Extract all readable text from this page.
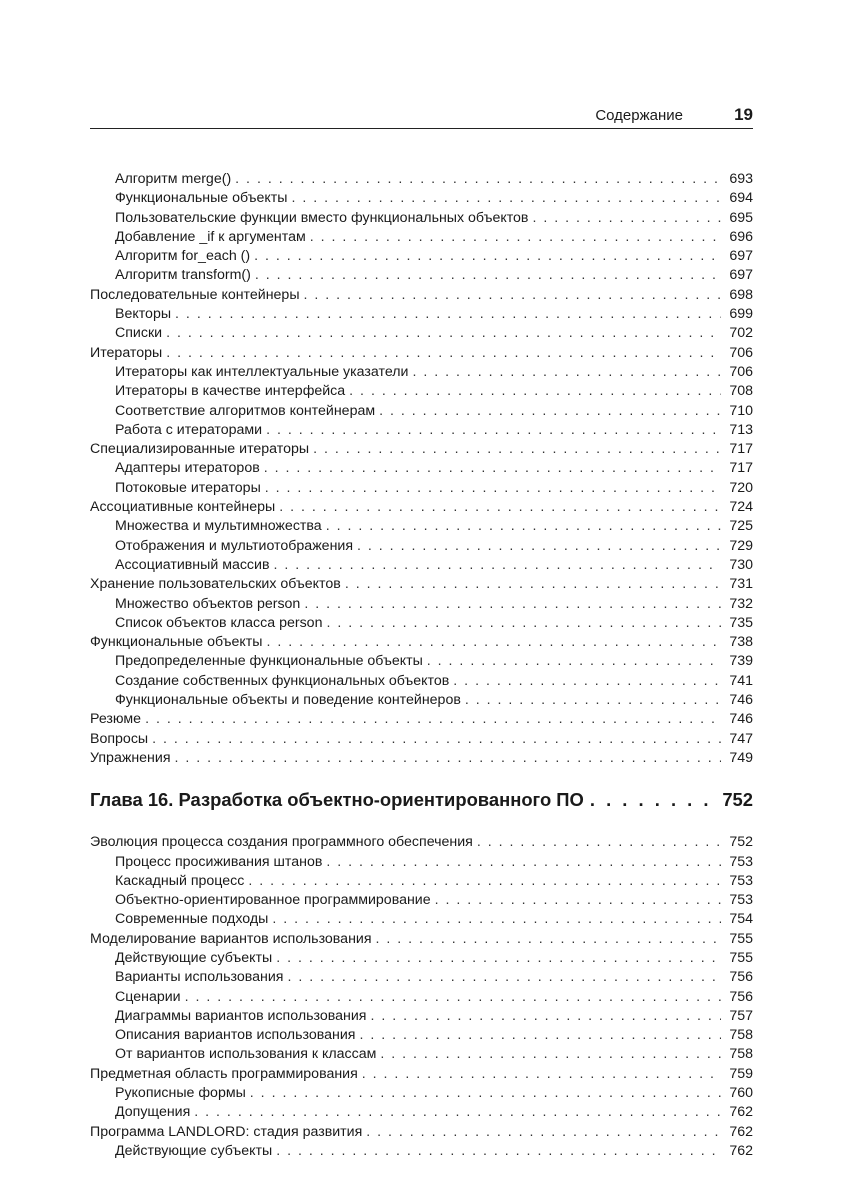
Содержание	19
Алгоритм merge() . . .	693
Функциональные объекты . . .	694
Пользовательские функции вместо функциональных объектов . . .	695
Добавление _if к аргументам . . .	696
Алгоритм for_each () . . .	697
Алгоритм transform() . . .	697
Последовательные контейнеры . . .	698
Векторы . . .	699
Списки . . .	702
Итераторы . . .	706
Итераторы как интеллектуальные указатели . . .	706
Итераторы в качестве интерфейса . . .	708
Соответствие алгоритмов контейнерам . . .	710
Работа с итераторами . . .	713
Специализированные итераторы . . .	717
Адаптеры итераторов . . .	717
Потоковые итераторы . . .	720
Ассоциативные контейнеры . . .	724
Множества и мультимножества . . .	725
Отображения и мультиотображения . . .	729
Ассоциативный массив . . .	730
Хранение пользовательских объектов . . .	731
Множество объектов person . . .	732
Список объектов класса person . . .	735
Функциональные объекты . . .	738
Предопределенные функциональные объекты . . .	739
Создание собственных функциональных объектов . . .	741
Функциональные объекты и поведение контейнеров . . .	746
Резюме . . .	746
Вопросы . . .	747
Упражнения . . .	749
Глава 16. Разработка объектно-ориентированного ПО . . .	752
Эволюция процесса создания программного обеспечения . . .	752
Процесс просиживания штанов . . .	753
Каскадный процесс . . .	753
Объектно-ориентированное программирование . . .	753
Современные подходы . . .	754
Моделирование вариантов использования . . .	755
Действующие субъекты . . .	755
Варианты использования . . .	756
Сценарии . . .	756
Диаграммы вариантов использования . . .	757
Описания вариантов использования . . .	758
От вариантов использования к классам . . .	758
Предметная область программирования . . .	759
Рукописные формы . . .	760
Допущения . . .	762
Программа LANDLORD: стадия развития . . .	762
Действующие субъекты . . .	762
